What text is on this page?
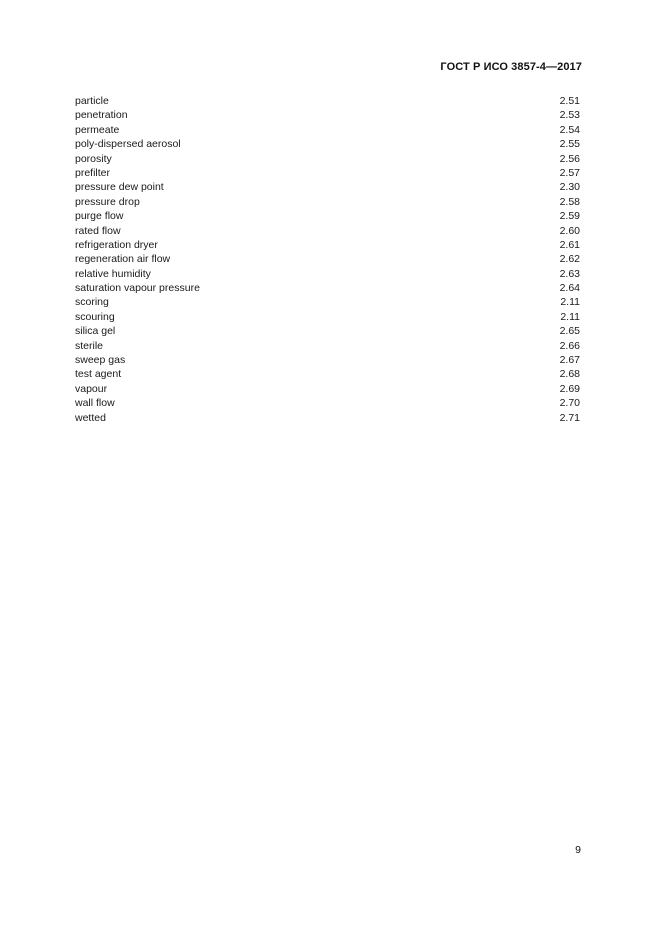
ГОСТ Р ИСО 3857-4—2017
particle	2.51
penetration	2.53
permeate	2.54
poly-dispersed aerosol	2.55
porosity	2.56
prefilter	2.57
pressure dew point	2.30
pressure drop	2.58
purge flow	2.59
rated flow	2.60
refrigeration dryer	2.61
regeneration air flow	2.62
relative humidity	2.63
saturation vapour pressure	2.64
scoring	2.11
scouring	2.11
silica gel	2.65
sterile	2.66
sweep gas	2.67
test agent	2.68
vapour	2.69
wall flow	2.70
wetted	2.71
9
